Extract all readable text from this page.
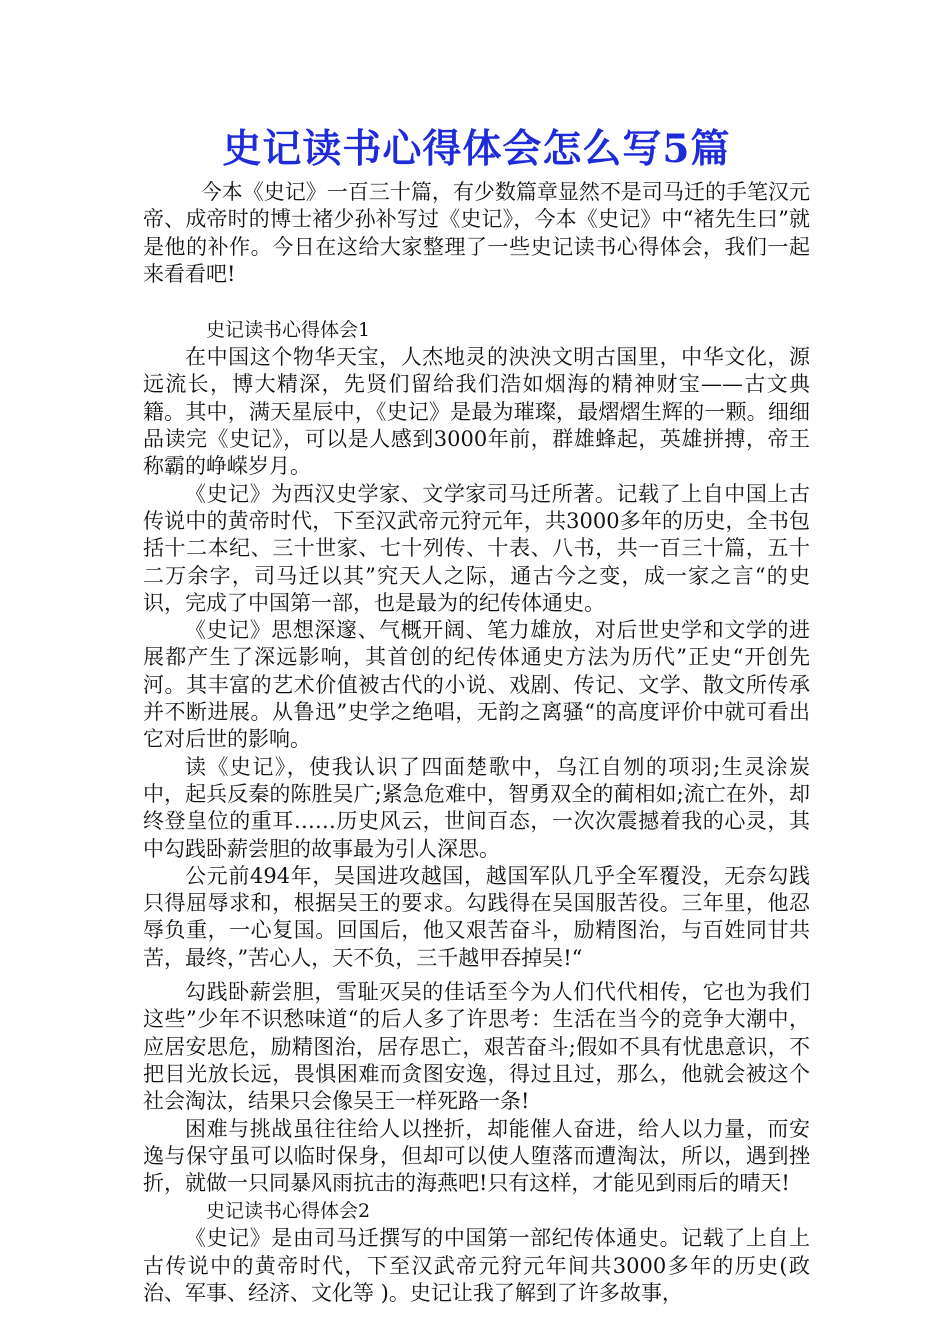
史记读书心得体会怎么写5篇

今本《史记》一百三十篇，有少数篇章显然不是司马迁的手笔汉元帝、成帝时的博士褚少孙补写过《史记》，今本《史记》中“褚先生曰”就是他的补作。今日在这给大家整理了一些史记读书心得体会，我们一起来看看吧!

史记读书心得体会1

在中国这个物华天宝，人杰地灵的泱泱文明古国里，中华文化，源远流长，博大精深，先贤们留给我们浩如烟海的精神财宝——古文典籍。其中，满天星辰中，《史记》是最为璀璨，最熠熠生辉的一颗。细细品读完《史记》，可以是人感到3000年前，群雄蜂起，英雄拼搏，帝王称霸的峥嵘岁月。

《史记》为西汉史学家、文学家司马迁所著。记载了上自中国上古传说中的黄帝时代，下至汉武帝元狩元年，共3000多年的历史，全书包括十二本纪、三十世家、七十列传、十表、八书，共一百三十篇，五十二万余字，司马迁以其”究天人之际，通古今之变，成一家之言“的史识，完成了中国第一部，也是最为的纪传体通史。

《史记》思想深邃、气概开阔、笔力雄放，对后世史学和文学的进展都产生了深远影响，其首创的纪传体通史方法为历代”正史“开创先河。其丰富的艺术价值被古代的小说、戏剧、传记、文学、散文所传承并不断进展。从鲁迅”史学之绝唱，无韵之离骚“的高度评价中就可看出它对后世的影响。

读《史记》，使我认识了四面楚歌中，乌江自刎的项羽;生灵涂炭中，起兵反秦的陈胜吴广;紧急危难中，智勇双全的蔺相如;流亡在外，却终登皇位的重耳……历史风云，世间百态，一次次震撼着我的心灵，其中勾践卧薪尝胆的故事最为引人深思。

公元前494年，吴国进攻越国，越国军队几乎全军覆没，无奈勾践只得屈辱求和，根据吴王的要求。勾践得在吴国服苦役。三年里，他忍辱负重，一心复国。回国后，他又艰苦奋斗，励精图治，与百姓同甘共苦，最终，”苦心人，天不负，三千越甲吞掉吴!“

勾践卧薪尝胆，雪耻灭吴的佳话至今为人们代代相传，它也为我们这些”少年不识愁味道“的后人多了许思考：生活在当今的竞争大潮中，应居安思危，励精图治，居存思亡，艰苦奋斗;假如不具有忧患意识，不把目光放长远，畏惧困难而贪图安逸，得过且过，那么，他就会被这个社会淘汰，结果只会像吴王一样死路一条!

困难与挑战虽往往给人以挫折，却能催人奋进，给人以力量，而安逸与保守虽可以临时保身，但却可以使人堕落而遭淘汰，所以，遇到挫折，就做一只同暴风雨抗击的海燕吧!只有这样，才能见到雨后的晴天!

史记读书心得体会2

《史记》是由司马迁撰写的中国第一部纪传体通史。记载了上自上古传说中的黄帝时代，下至汉武帝元狩元年间共3000多年的历史(政治、军事、经济、文化等 )。史记让我了解到了许多故事，
